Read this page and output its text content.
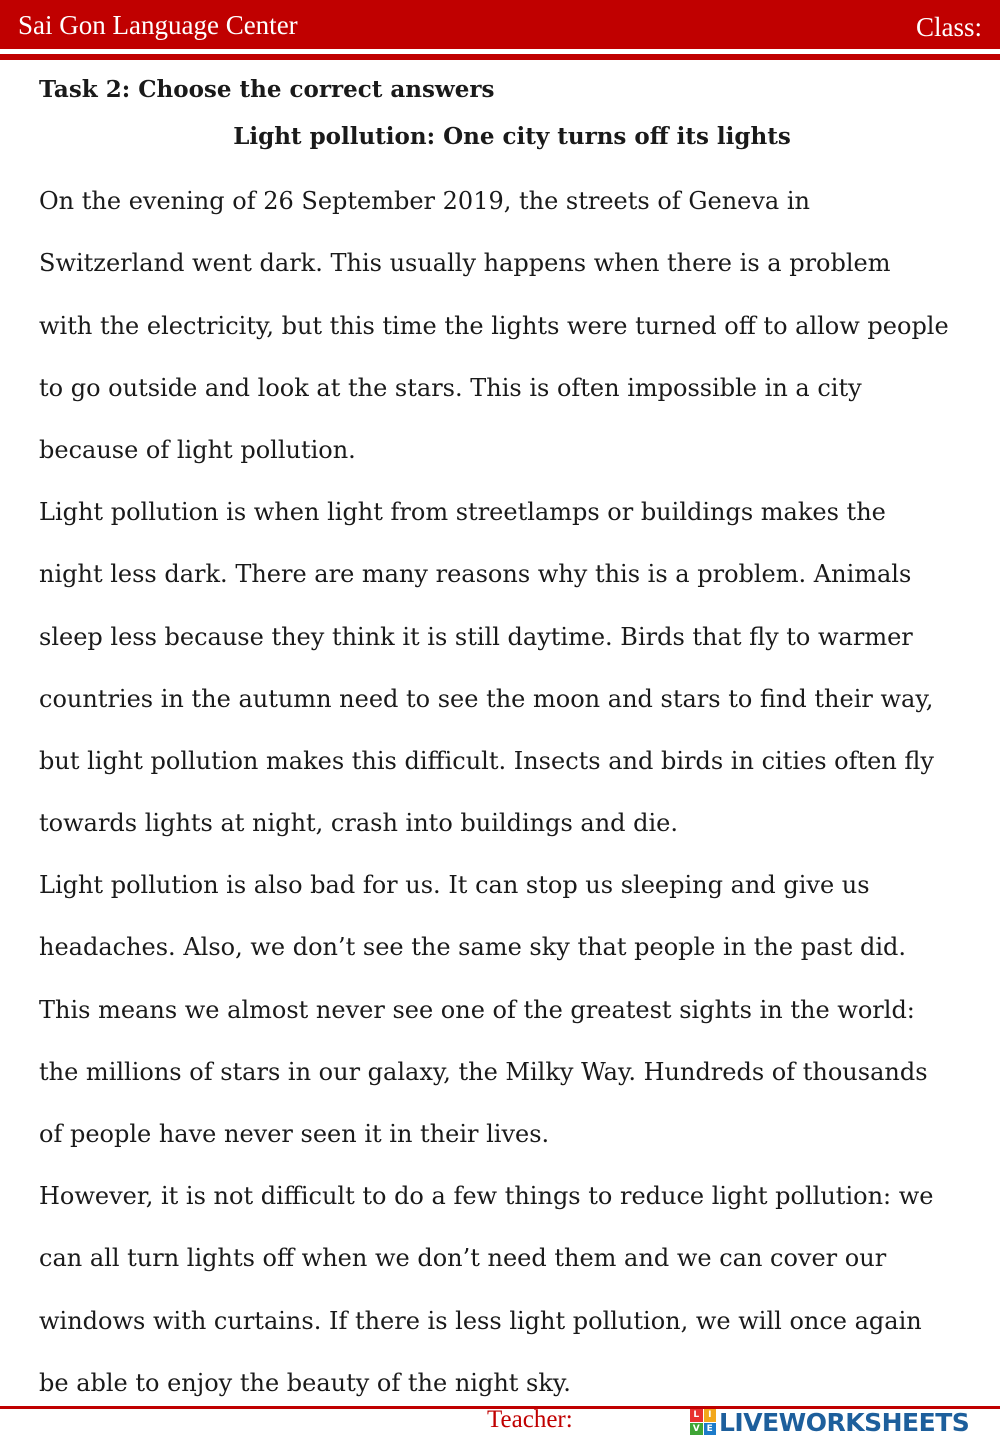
Sai Gon Language Center	Class:
Task 2: Choose the correct answers
Light pollution: One city turns off its lights
On the evening of 26 September 2019, the streets of Geneva in
Switzerland went dark. This usually happens when there is a problem
with the electricity, but this time the lights were turned off to allow people
to go outside and look at the stars. This is often impossible in a city
because of light pollution.
Light pollution is when light from streetlamps or buildings makes the
night less dark. There are many reasons why this is a problem. Animals
sleep less because they think it is still daytime. Birds that fly to warmer
countries in the autumn need to see the moon and stars to find their way,
but light pollution makes this difficult. Insects and birds in cities often fly
towards lights at night, crash into buildings and die.
Light pollution is also bad for us. It can stop us sleeping and give us
headaches. Also, we don’t see the same sky that people in the past did.
This means we almost never see one of the greatest sights in the world:
the millions of stars in our galaxy, the Milky Way. Hundreds of thousands
of people have never seen it in their lives.
However, it is not difficult to do a few things to reduce light pollution: we
can all turn lights off when we don’t need them and we can cover our
windows with curtains. If there is less light pollution, we will once again
be able to enjoy the beauty of the night sky.
Teacher:	L I
V E LIVEWORKSHEETS
